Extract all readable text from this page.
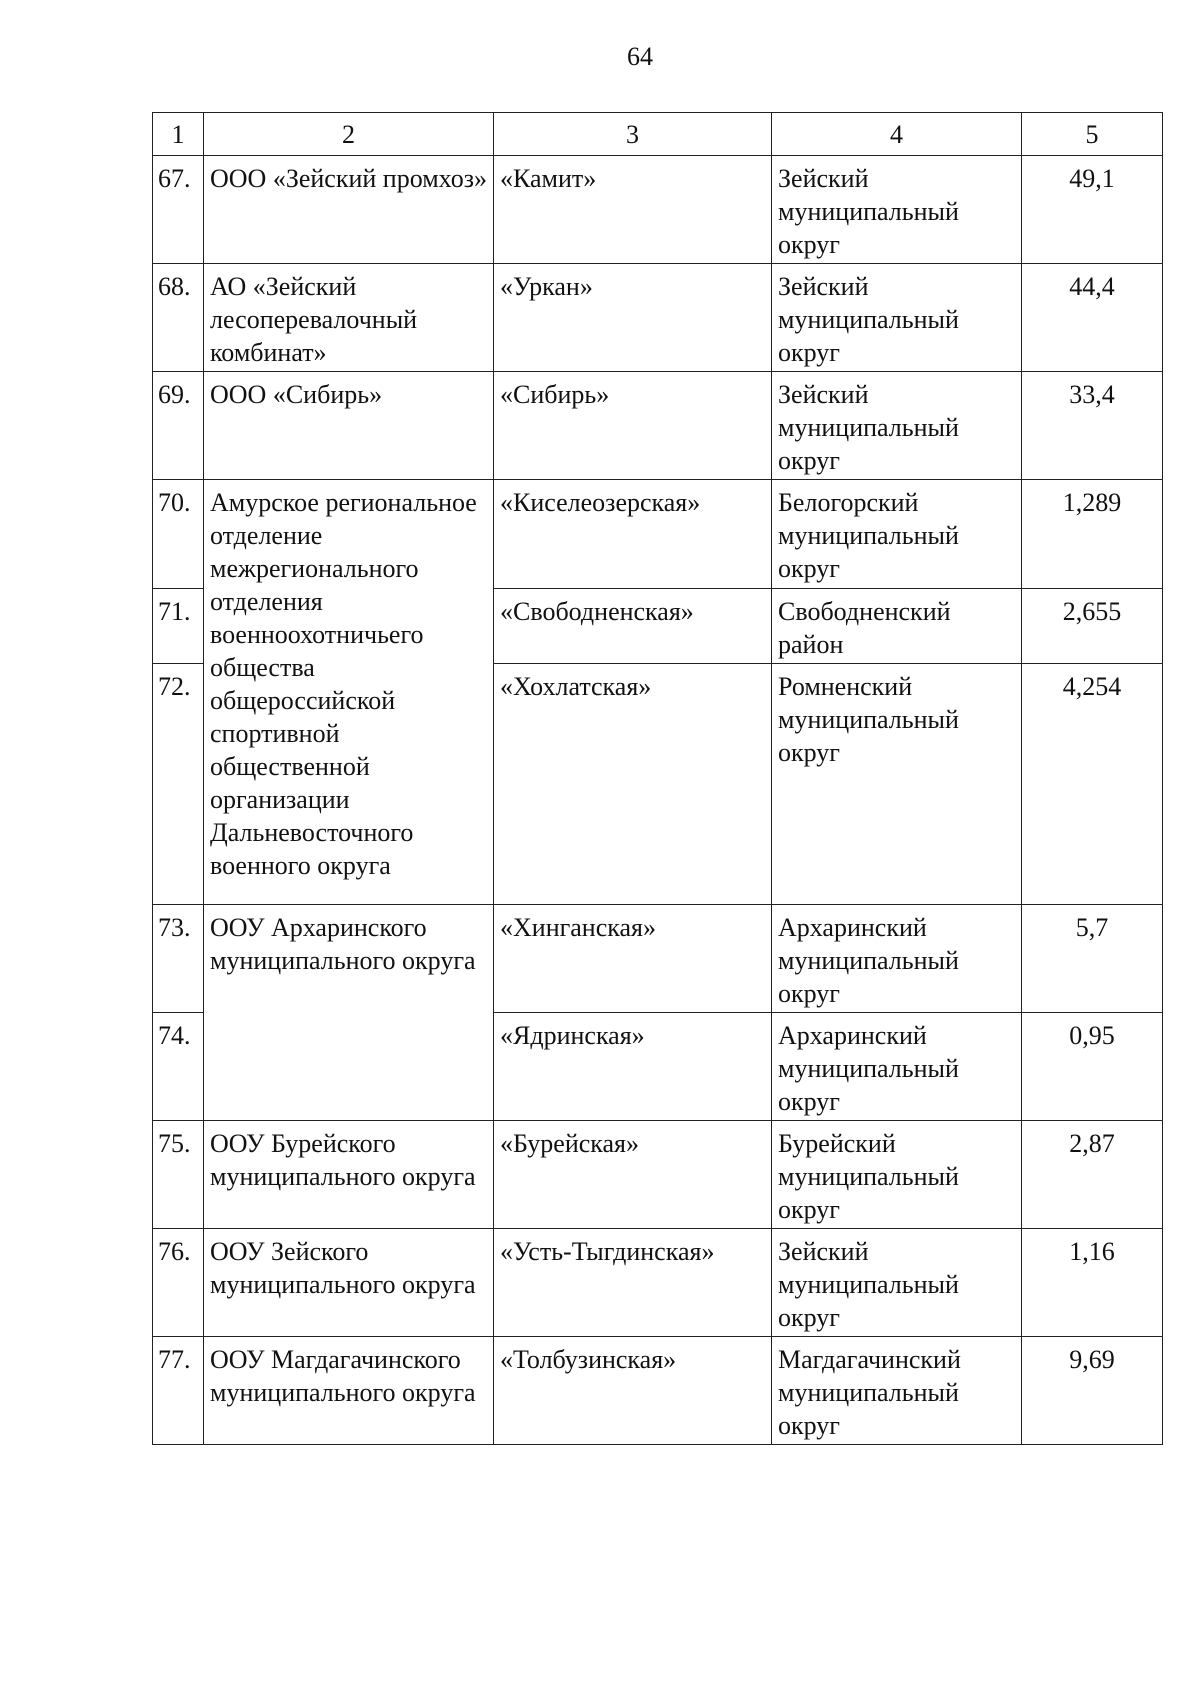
64
1	2	3	4	5
67.	ООО «Зейский промхоз»	«Камит»	Зейский муниципальный округ	49,1
68.	АО «Зейский лесоперевалочный комбинат»	«Уркан»	Зейский муниципальный округ	44,4
69.	ООО «Сибирь»	«Сибирь»	Зейский муниципальный округ	33,4
70.	Амурское региональное отделение межрегионального отделения военноохотничьего общества общероссийской спортивной общественной организации Дальневосточного военного округа	«Киселеозерская»	Белогорский муниципальный округ	1,289
71.		«Свободненская»	Свободненский район	2,655
72.		«Хохлатская»	Ромненский муниципальный округ	4,254
73.	ООУ Архаринского муниципального округа	«Хинганская»	Архаринский муниципальный округ	5,7
74.		«Ядринская»	Архаринский муниципальный округ	0,95
75.	ООУ Бурейского муниципального округа	«Бурейская»	Бурейский муниципальный округ	2,87
76.	ООУ Зейского муниципального округа	«Усть-Тыгдинская»	Зейский муниципальный округ	1,16
77.	ООУ Магдагачинского муниципального округа	«Толбузинская»	Магдагачинский муниципальный округ	9,69
